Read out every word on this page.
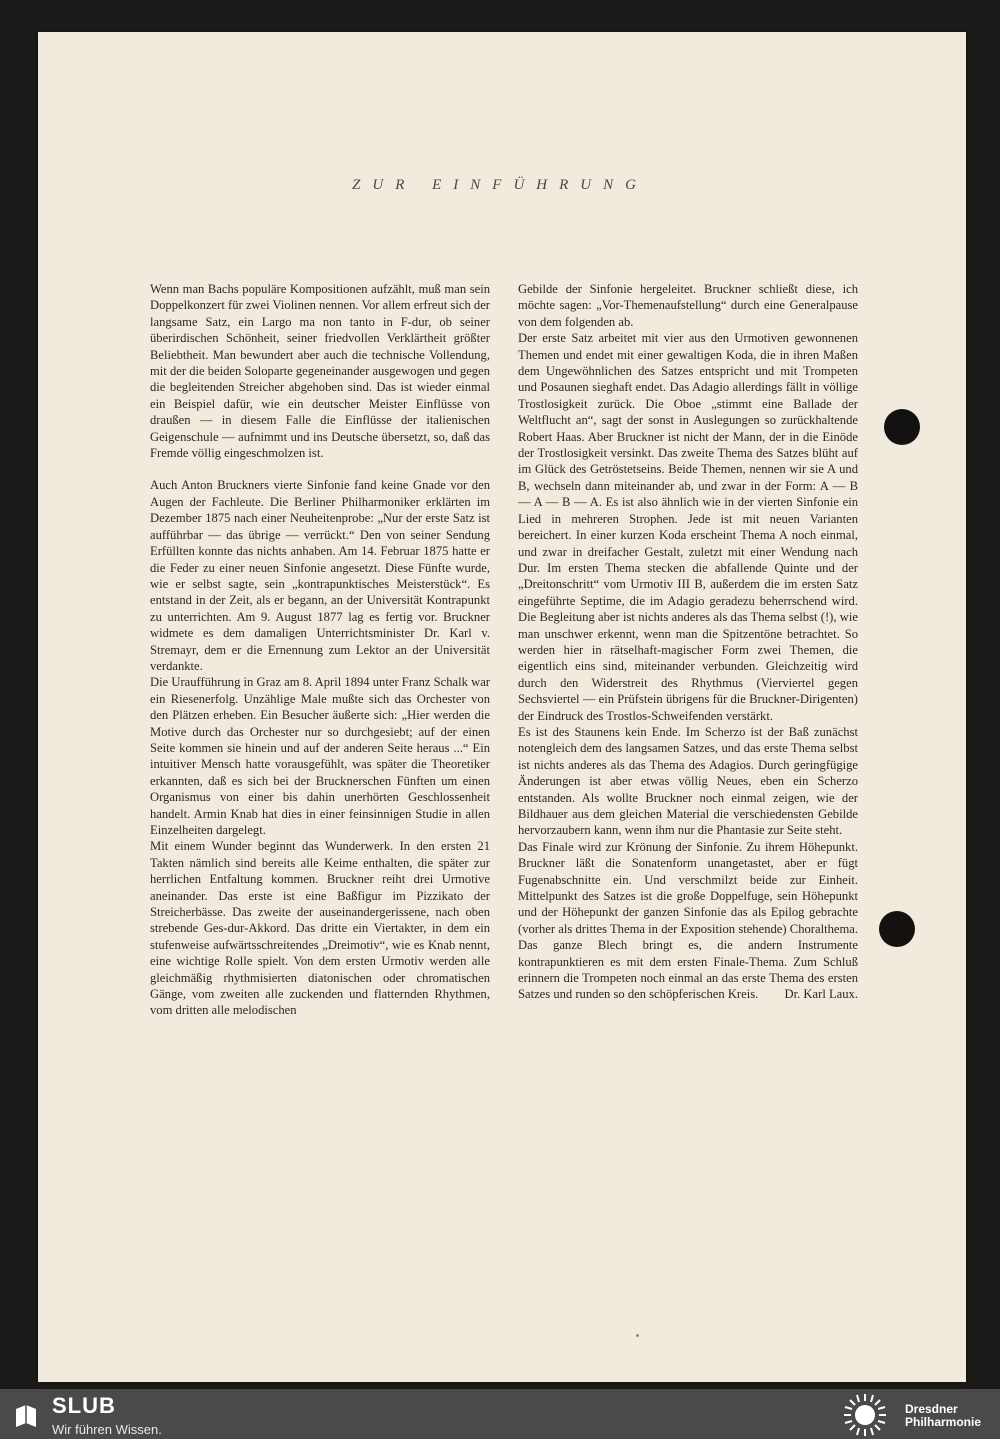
ZUR EINFÜHRUNG

Wenn man Bachs populäre Kompositionen aufzählt, muß man sein Doppelkonzert für zwei Violinen nennen. Vor allem erfreut sich der langsame Satz, ein Largo ma non tanto in F-dur, ob seiner überirdischen Schönheit, seiner friedvollen Verklärtheit größter Beliebtheit. Man bewundert aber auch die technische Vollendung, mit der die beiden Soloparte gegeneinander ausgewogen und gegen die begleitenden Streicher abgehoben sind. Das ist wieder einmal ein Beispiel dafür, wie ein deutscher Meister Einflüsse von draußen — in diesem Falle die Einflüsse der italienischen Geigenschule — aufnimmt und ins Deutsche übersetzt, so, daß das Fremde völlig eingeschmolzen ist.

Auch Anton Bruckners vierte Sinfonie fand keine Gnade vor den Augen der Fachleute. Die Berliner Philharmoniker erklärten im Dezember 1875 nach einer Neuheitenprobe: „Nur der erste Satz ist aufführbar — das übrige — verrückt.“ Den von seiner Sendung Erfüllten konnte das nichts anhaben. Am 14. Februar 1875 hatte er die Feder zu einer neuen Sinfonie angesetzt. Diese Fünfte wurde, wie er selbst sagte, sein „kontrapunktisches Meisterstück“. Es entstand in der Zeit, als er begann, an der Universität Kontrapunkt zu unterrichten. Am 9. August 1877 lag es fertig vor. Bruckner widmete es dem damaligen Unterrichtsminister Dr. Karl v. Stremayr, dem er die Ernennung zum Lektor an der Universität verdankte.

Die Uraufführung in Graz am 8. April 1894 unter Franz Schalk war ein Riesenerfolg. Unzählige Male mußte sich das Orchester von den Plätzen erheben. Ein Besucher äußerte sich: „Hier werden die Motive durch das Orchester nur so durchgesiebt; auf der einen Seite kommen sie hinein und auf der anderen Seite heraus ...“ Ein intuitiver Mensch hatte vorausgefühlt, was später die Theoretiker erkannten, daß es sich bei der Brucknerschen Fünften um einen Organismus von einer bis dahin unerhörten Geschlossenheit handelt. Armin Knab hat dies in einer feinsinnigen Studie in allen Einzelheiten dargelegt.

Mit einem Wunder beginnt das Wunderwerk. In den ersten 21 Takten nämlich sind bereits alle Keime enthalten, die später zur herrlichen Entfaltung kommen. Bruckner reiht drei Urmotive aneinander. Das erste ist eine Baßfigur im Pizzikato der Streicherbässe. Das zweite der auseinandergerissene, nach oben strebende Ges-dur-Akkord. Das dritte ein Viertakter, in dem ein stufenweise aufwärtsschreitendes „Dreimotiv“, wie es Knab nennt, eine wichtige Rolle spielt. Von dem ersten Urmotiv werden alle gleichmäßig rhythmisierten diatonischen oder chromatischen Gänge, vom zweiten alle zuckenden und flatternden Rhythmen, vom dritten alle melodischen

Gebilde der Sinfonie hergeleitet. Bruckner schließt diese, ich möchte sagen: „Vor-Themenaufstellung“ durch eine Generalpause von dem folgenden ab.

Der erste Satz arbeitet mit vier aus den Urmotiven gewonnenen Themen und endet mit einer gewaltigen Koda, die in ihren Maßen dem Ungewöhnlichen des Satzes entspricht und mit Trompeten und Posaunen sieghaft endet. Das Adagio allerdings fällt in völlige Trostlosigkeit zurück. Die Oboe „stimmt eine Ballade der Weltflucht an“, sagt der sonst in Auslegungen so zurückhaltende Robert Haas. Aber Bruckner ist nicht der Mann, der in die Einöde der Trostlosigkeit versinkt. Das zweite Thema des Satzes blüht auf im Glück des Getröstetseins. Beide Themen, nennen wir sie A und B, wechseln dann miteinander ab, und zwar in der Form: A — B — A — B — A. Es ist also ähnlich wie in der vierten Sinfonie ein Lied in mehreren Strophen. Jede ist mit neuen Varianten bereichert. In einer kurzen Koda erscheint Thema A noch einmal, und zwar in dreifacher Gestalt, zuletzt mit einer Wendung nach Dur. Im ersten Thema stecken die abfallende Quinte und der „Dreitonschritt“ vom Urmotiv III B, außerdem die im ersten Satz eingeführte Septime, die im Adagio geradezu beherrschend wird. Die Begleitung aber ist nichts anderes als das Thema selbst (!), wie man unschwer erkennt, wenn man die Spitzentöne betrachtet. So werden hier in rätselhaft-magischer Form zwei Themen, die eigentlich eins sind, miteinander verbunden. Gleichzeitig wird durch den Widerstreit des Rhythmus (Vierviertel gegen Sechsviertel — ein Prüfstein übrigens für die Bruckner-Dirigenten) der Eindruck des Trostlos-Schweifenden verstärkt.

Es ist des Staunens kein Ende. Im Scherzo ist der Baß zunächst notengleich dem des langsamen Satzes, und das erste Thema selbst ist nichts anderes als das Thema des Adagios. Durch geringfügige Änderungen ist aber etwas völlig Neues, eben ein Scherzo entstanden. Als wollte Bruckner noch einmal zeigen, wie der Bildhauer aus dem gleichen Material die verschiedensten Gebilde hervorzaubern kann, wenn ihm nur die Phantasie zur Seite steht.

Das Finale wird zur Krönung der Sinfonie. Zu ihrem Höhepunkt. Bruckner läßt die Sonatenform unangetastet, aber er fügt Fugenabschnitte ein. Und verschmilzt beide zur Einheit. Mittelpunkt des Satzes ist die große Doppelfuge, sein Höhepunkt und der Höhepunkt der ganzen Sinfonie das als Epilog gebrachte (vorher als drittes Thema in der Exposition stehende) Choralthema. Das ganze Blech bringt es, die andern Instrumente kontrapunktieren es mit dem ersten Finale-Thema. Zum Schluß erinnern die Trompeten noch einmal an das erste Thema des ersten Satzes und runden so den schöpferischen Kreis. Dr. Karl Laux.

SLUB
Wir führen Wissen.
Dresdner
Philharmonie
